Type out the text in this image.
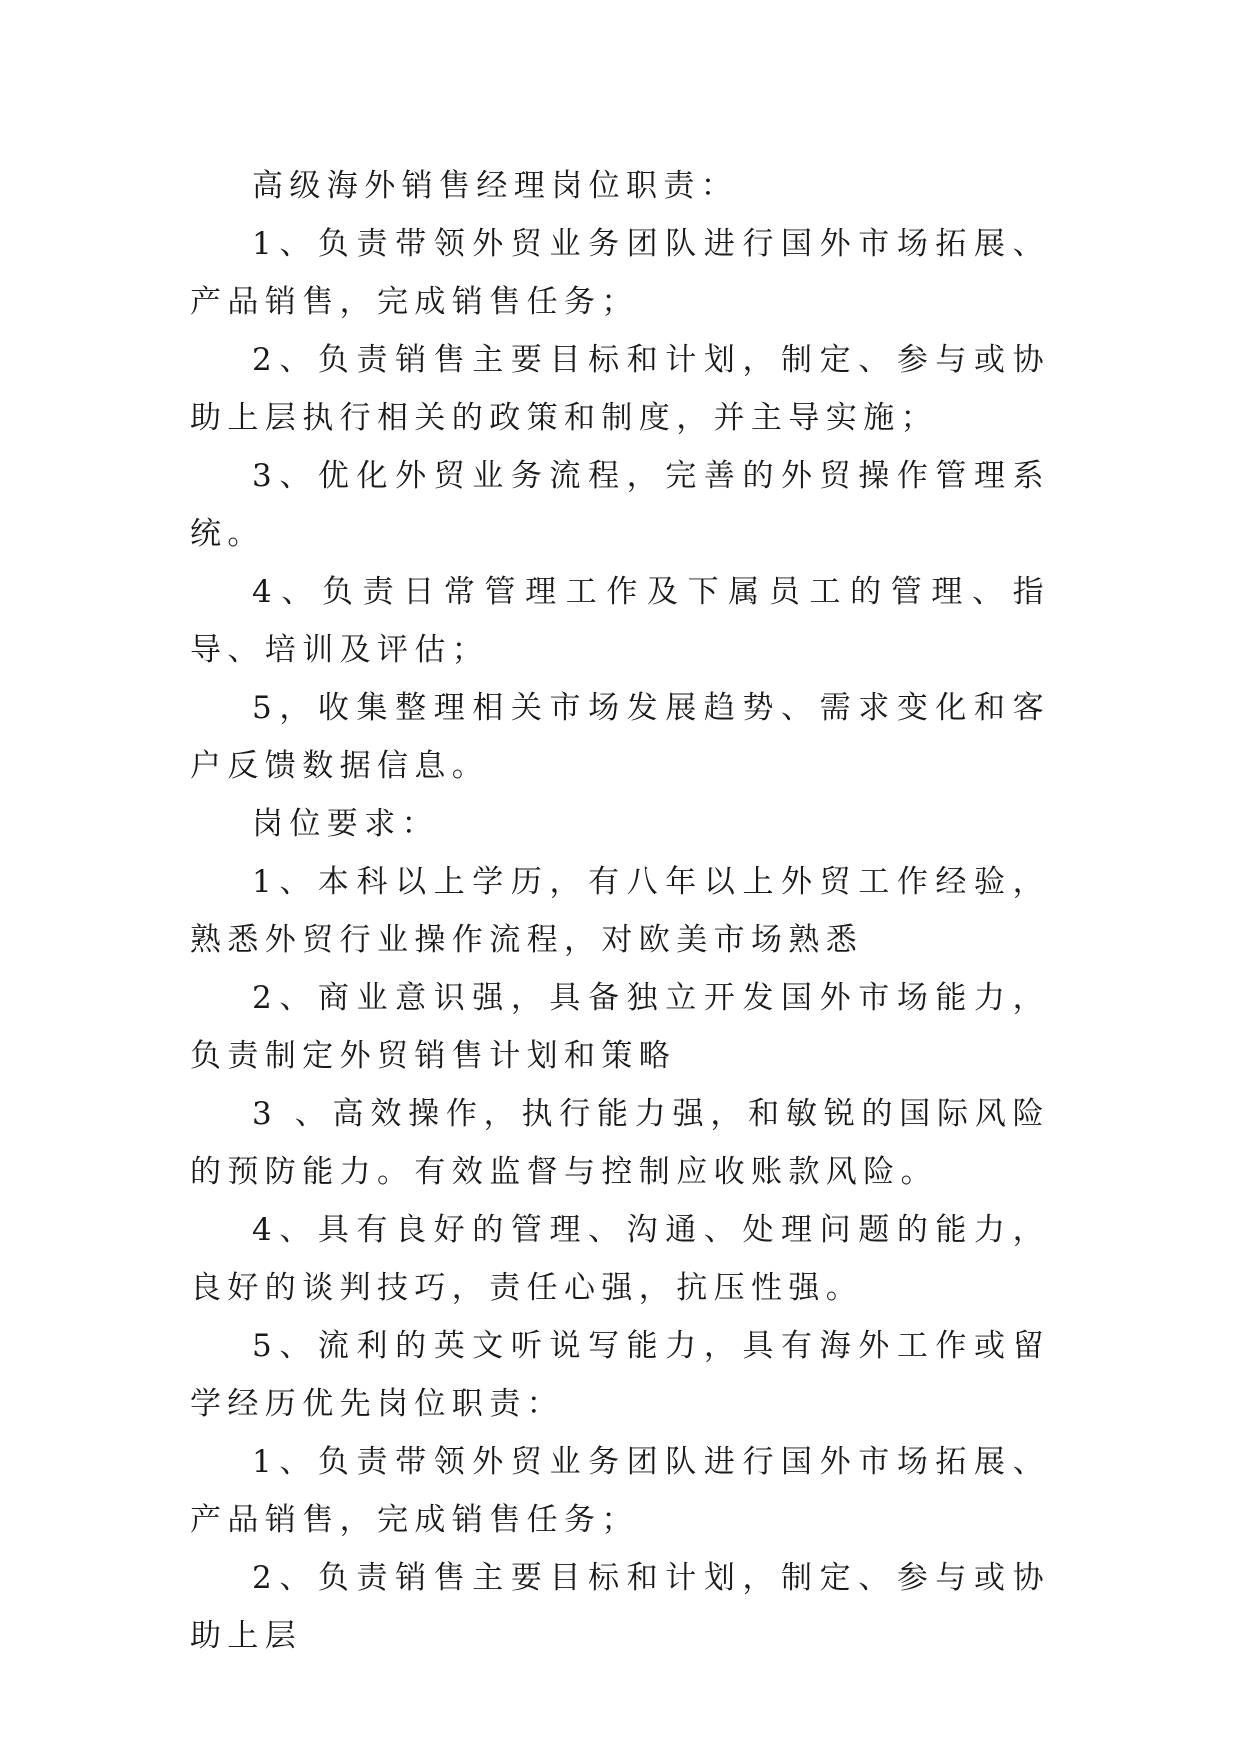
高级海外销售经理岗位职责：

1、负责带领外贸业务团队进行国外市场拓展、产品销售，完成销售任务；

2、负责销售主要目标和计划，制定、参与或协助上层执行相关的政策和制度，并主导实施；

3、优化外贸业务流程，完善的外贸操作管理系统。

4、负责日常管理工作及下属员工的管理、指导、培训及评估；

5，收集整理相关市场发展趋势、需求变化和客户反馈数据信息。

岗位要求：

1、本科以上学历，有八年以上外贸工作经验，熟悉外贸行业操作流程，对欧美市场熟悉

2、商业意识强，具备独立开发国外市场能力，负责制定外贸销售计划和策略

3 、高效操作，执行能力强，和敏锐的国际风险的预防能力。有效监督与控制应收账款风险。

4、具有良好的管理、沟通、处理问题的能力，良好的谈判技巧，责任心强，抗压性强。

5、流利的英文听说写能力，具有海外工作或留学经历优先岗位职责：

1、负责带领外贸业务团队进行国外市场拓展、产品销售，完成销售任务；

2、负责销售主要目标和计划，制定、参与或协助上层
